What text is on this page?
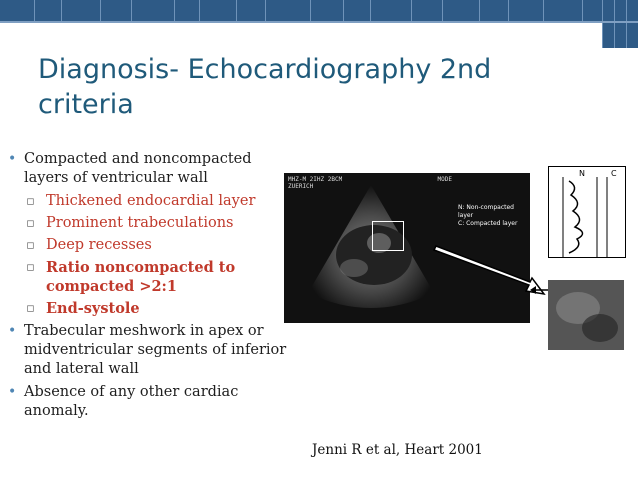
Diagnosis- Echocardiography 2nd criteria
• Compacted and noncompacted layers of ventricular wall
▫ Thickened endocardial layer
▫ Prominent trabeculations
▫ Deep recesses
▫ Ratio noncompacted to compacted >2:1
▫ End-systole
• Trabecular meshwork in apex or midventricular segments of inferior and lateral wall
• Absence of any other cardiac anomaly.
MHZ-M 2IHZ 2BCM
ZUERICH
MODE
N: Non-compacted layer
C: Compacted layer
N	C
Jenni R et al, Heart 2001
